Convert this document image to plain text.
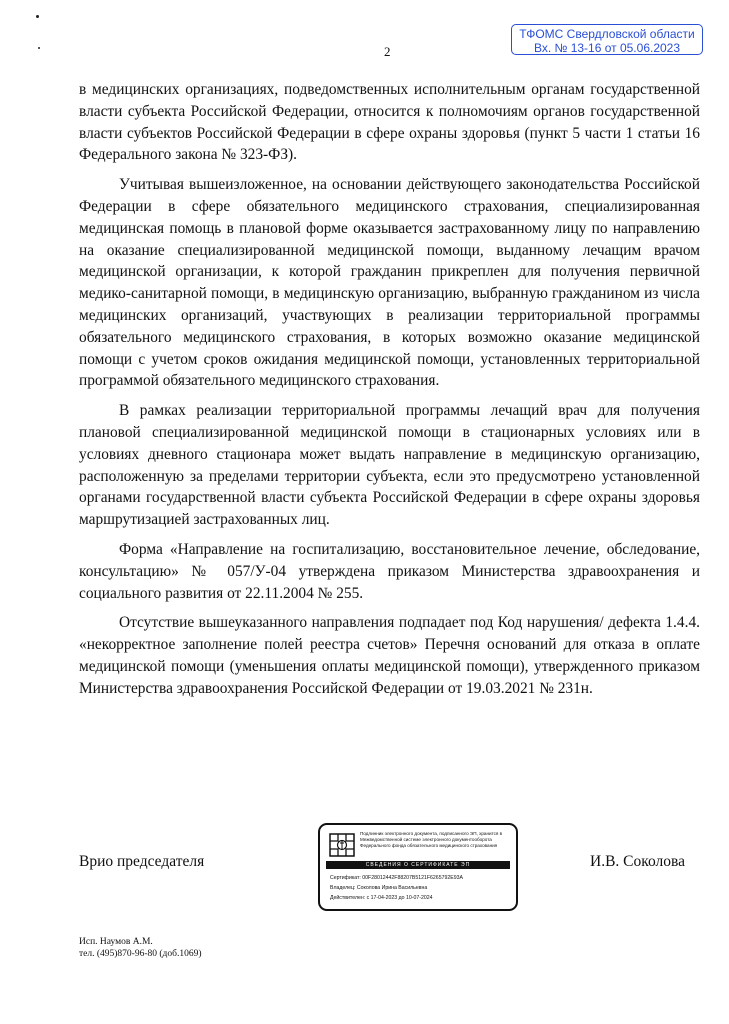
2
ТФОМС Свердловской области
Вх. № 13-16 от 05.06.2023

в медицинских организациях, подведомственных исполнительным органам государственной власти субъекта Российской Федерации, относится к полномочиям органов государственной власти субъектов Российской Федерации в сфере охраны здоровья (пункт 5 части 1 статьи 16 Федерального закона № 323-ФЗ).

Учитывая вышеизложенное, на основании действующего законодательства Российской Федерации в сфере обязательного медицинского страхования, специализированная медицинская помощь в плановой форме оказывается застрахованному лицу по направлению на оказание специализированной медицинской помощи, выданному лечащим врачом медицинской организации, к которой гражданин прикреплен для получения первичной медико-санитарной помощи, в медицинскую организацию, выбранную гражданином из числа медицинских организаций, участвующих в реализации территориальной программы обязательного медицинского страхования, в которых возможно оказание медицинской помощи с учетом сроков ожидания медицинской помощи, установленных территориальной программой обязательного медицинского страхования.

В рамках реализации территориальной программы лечащий врач для получения плановой специализированной медицинской помощи в стационарных условиях или в условиях дневного стационара может выдать направление в медицинскую организацию, расположенную за пределами территории субъекта, если это предусмотрено установленной органами государственной власти субъекта Российской Федерации в сфере охраны здоровья маршрутизацией застрахованных лиц.

Форма «Направление на госпитализацию, восстановительное лечение, обследование, консультацию» № 057/У-04 утверждена приказом Министерства здравоохранения и социального развития от 22.11.2004 № 255.

Отсутствие вышеуказанного направления подпадает под Код нарушения/ дефекта 1.4.4. «некорректное заполнение полей реестра счетов» Перечня оснований для отказа в оплате медицинской помощи (уменьшения оплаты медицинской помощи), утвержденного приказом Министерства здравоохранения Российской Федерации от 19.03.2021 № 231н.

Врио председателя
Подлинник электронного документа, подписанного ЭП, хранится в Межведомственной системе электронного документооборота Федерального фонда обязательного медицинского страхования
СВЕДЕНИЯ О СЕРТИФИКАТЕ ЭП
Сертификат: 00F28012442F88207B5121F6265792E93A
Владелец: Соколова Ирина Васильевна
Действителен: с 17-04-2023 до 10-07-2024
И.В. Соколова
Исп. Наумов А.М.
тел. (495)870-96-80 (доб.1069)
